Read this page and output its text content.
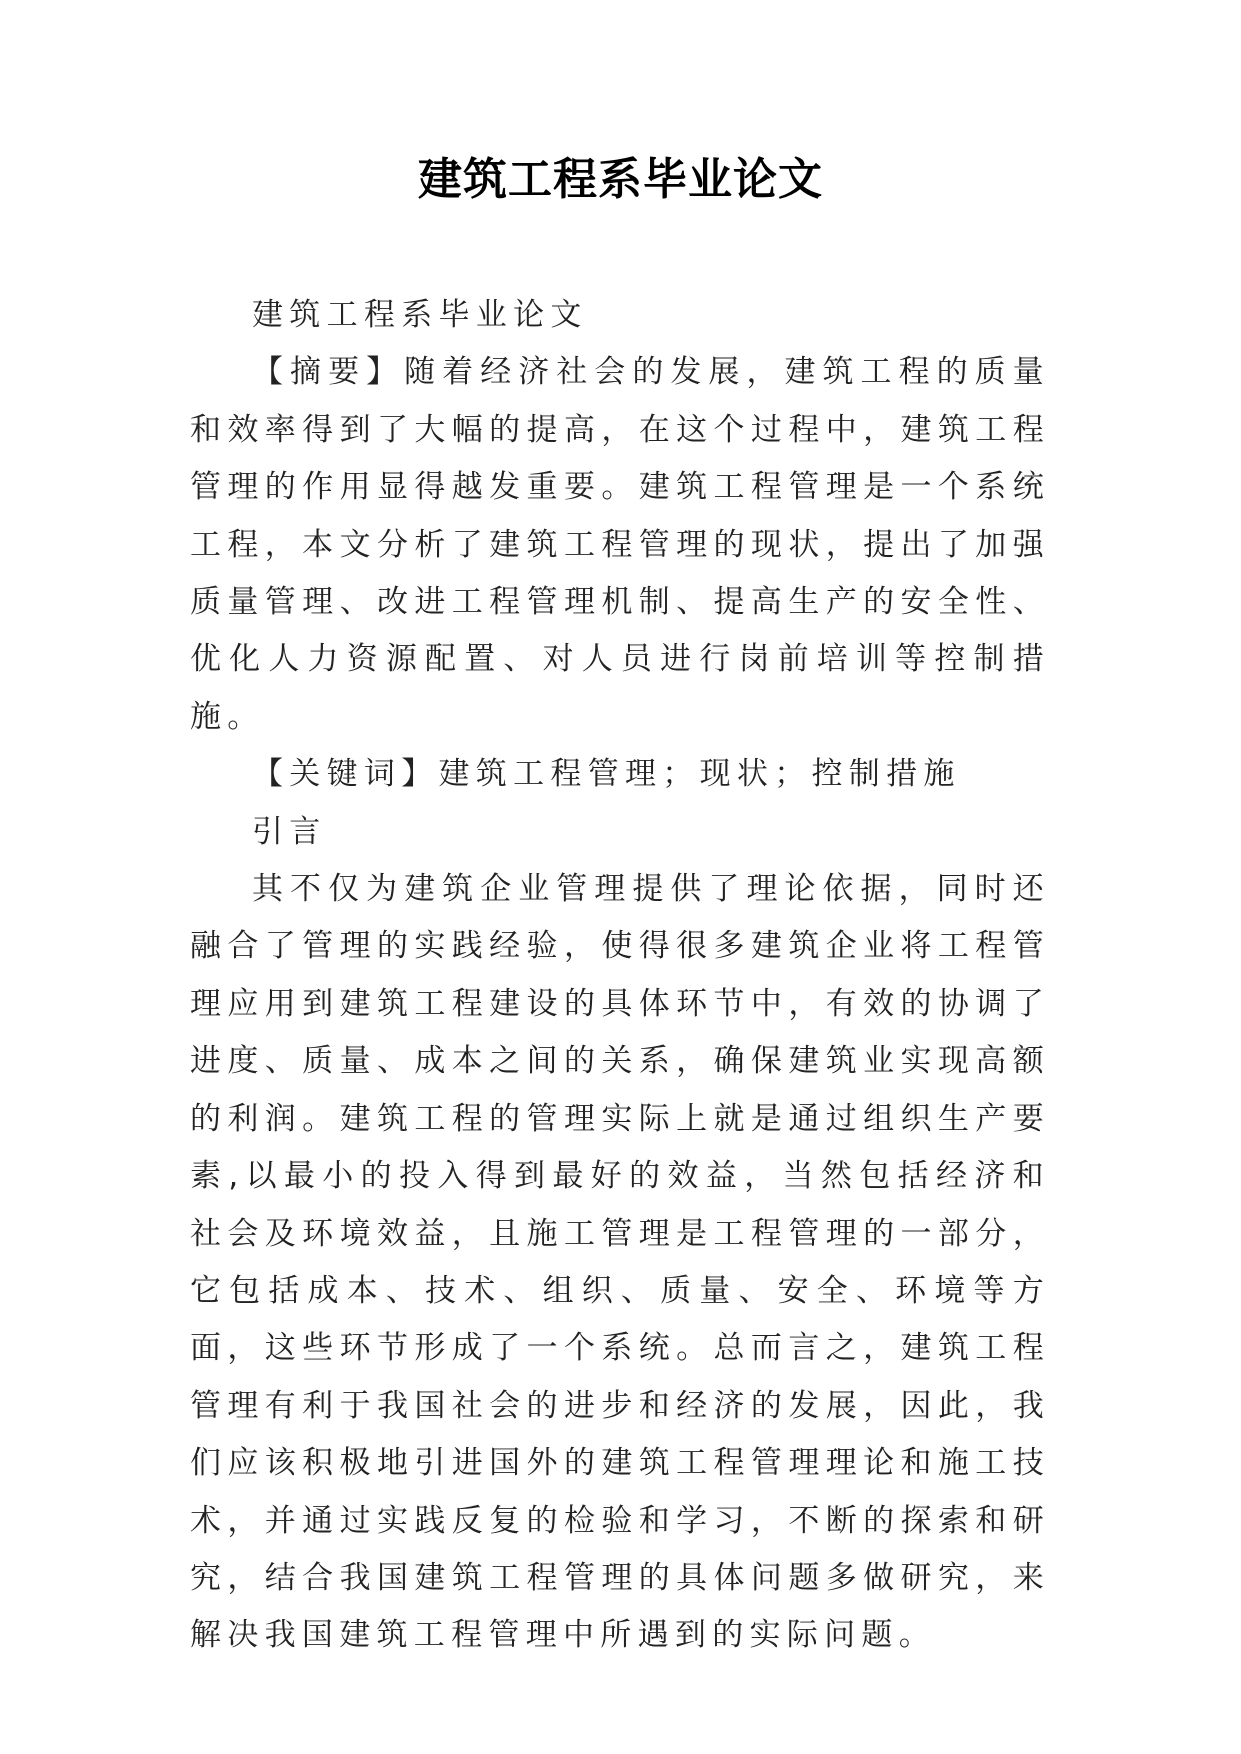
建筑工程系毕业论文

建筑工程系毕业论文

【摘要】随着经济社会的发展，建筑工程的质量和效率得到了大幅的提高，在这个过程中，建筑工程管理的作用显得越发重要。建筑工程管理是一个系统工程，本文分析了建筑工程管理的现状，提出了加强质量管理、改进工程管理机制、提高生产的安全性、优化人力资源配置、对人员进行岗前培训等控制措施。

【关键词】建筑工程管理；现状；控制措施

引言

其不仅为建筑企业管理提供了理论依据，同时还融合了管理的实践经验，使得很多建筑企业将工程管理应用到建筑工程建设的具体环节中，有效的协调了进度、质量、成本之间的关系，确保建筑业实现高额的利润。建筑工程的管理实际上就是通过组织生产要素,以最小的投入得到最好的效益，当然包括经济和社会及环境效益，且施工管理是工程管理的一部分，它包括成本、技术、组织、质量、安全、环境等方面，这些环节形成了一个系统。总而言之，建筑工程管理有利于我国社会的进步和经济的发展，因此，我们应该积极地引进国外的建筑工程管理理论和施工技术，并通过实践反复的检验和学习，不断的探索和研究，结合我国建筑工程管理的具体问题多做研究，来解决我国建筑工程管理中所遇到的实际问题。
